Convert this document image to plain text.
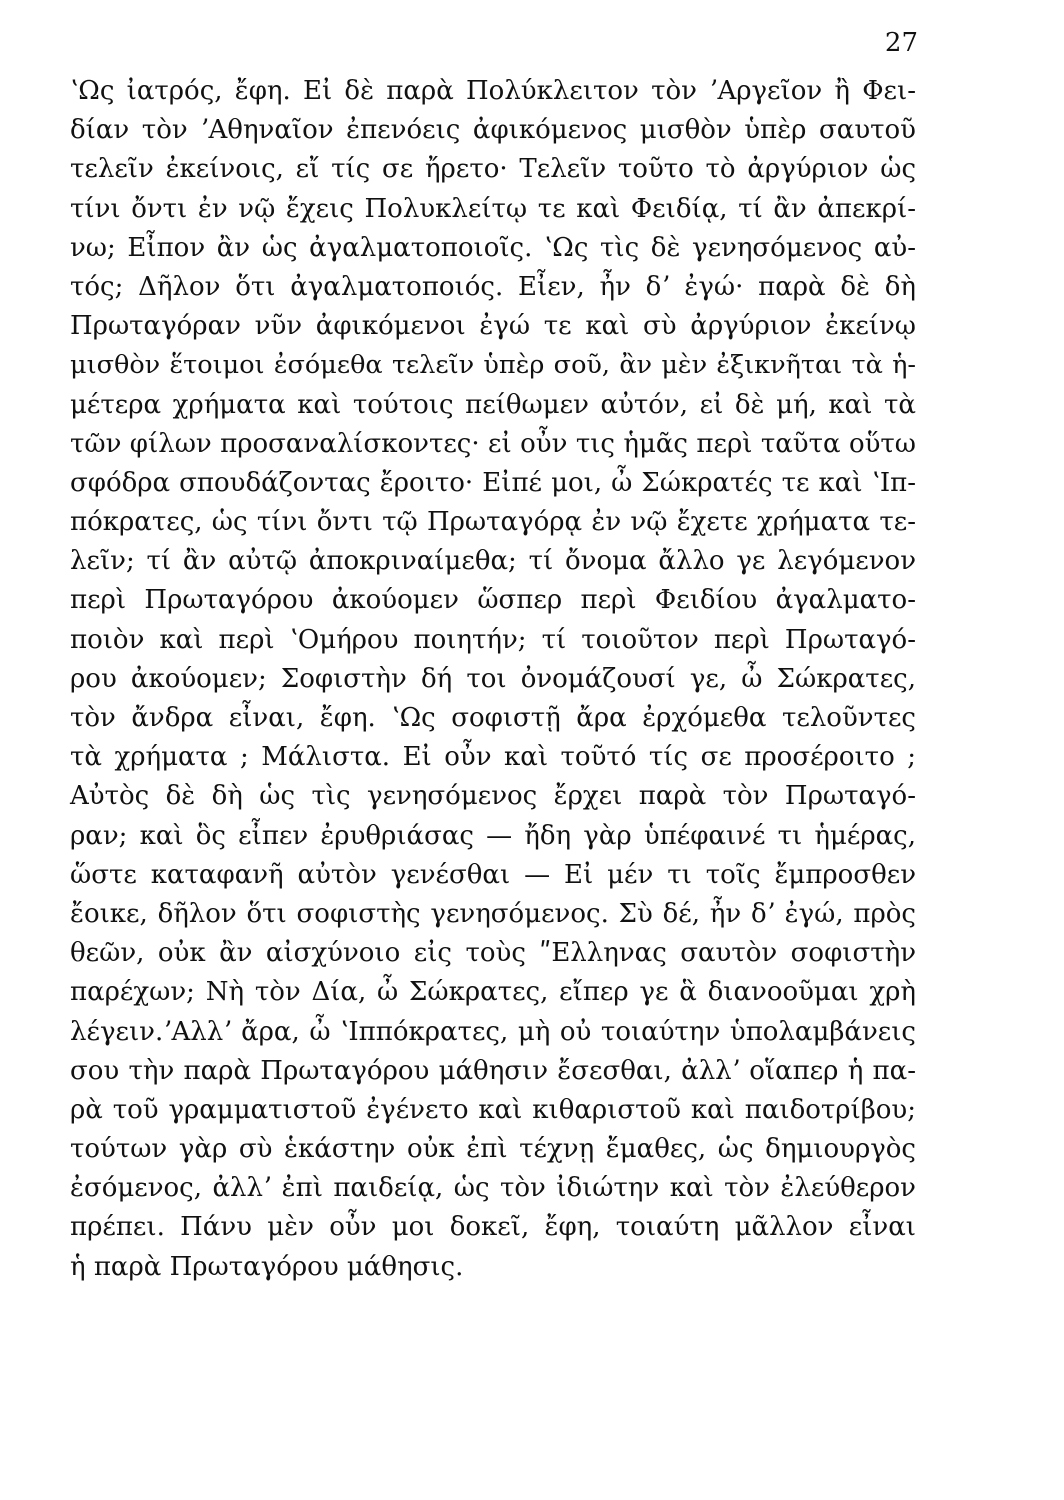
27
ʽΩς ἰατρός, ἔφη. Εἰ δὲ παρὰ Πολύκλειτον τὸν ʼΑργεῖον ἢ Φει-
δίαν τὸν ʼΑθηναῖον ἐπενόεις ἀφικόμενος μισθὸν ὑπὲρ σαυτοῦ
τελεῖν ἐκείνοις, εἴ τίς σε ἤρετο· Τελεῖν τοῦτο τὸ ἀργύριον ὡς
τίνι ὄντι ἐν νῷ ἔχεις Πολυκλείτῳ τε καὶ Φειδίᾳ, τί ἂν ἀπεκρί-
νω; Εἶπον ἂν ὡς ἀγαλματοποιοῖς. ʽΩς τὶς δὲ γενησόμενος αὐ-
τός; Δῆλον ὅτι ἀγαλματοποιός. Εἶεν, ἦν δʼ ἐγώ· παρὰ δὲ δὴ
Πρωταγόραν νῦν ἀφικόμενοι ἐγώ τε καὶ σὺ ἀργύριον ἐκείνῳ
μισθὸν ἕτοιμοι ἐσόμεθα τελεῖν ὑπὲρ σοῦ, ἂν μὲν ἐξικνῆται τὰ ἡ-
μέτερα χρήματα καὶ τούτοις πείθωμεν αὐτόν, εἰ δὲ μή, καὶ τὰ
τῶν φίλων προσαναλίσκοντες· εἰ οὖν τις ἡμᾶς περὶ ταῦτα οὕτω
σφόδρα σπουδάζοντας ἔροιτο· Εἰπέ μοι, ὦ Σώκρατές τε καὶ ʽΙπ-
πόκρατες, ὡς τίνι ὄντι τῷ Πρωταγόρᾳ ἐν νῷ ἔχετε χρήματα τε-
λεῖν; τί ἂν αὐτῷ ἀποκριναίμεθα; τί ὄνομα ἄλλο γε λεγόμενον
περὶ Πρωταγόρου ἀκούομεν ὥσπερ περὶ Φειδίου ἀγαλματο-
ποιὸν καὶ περὶ ʽΟμήρου ποιητήν; τί τοιοῦτον περὶ Πρωταγό-
ρου ἀκούομεν; Σοφιστὴν δή τοι ὀνομάζουσί γε, ὦ Σώκρατες,
τὸν ἄνδρα εἶναι, ἔφη. ʽΩς σοφιστῇ ἄρα ἐρχόμεθα τελοῦντες
τὰ χρήματα ; Μάλιστα. Εἰ οὖν καὶ τοῦτό τίς σε προσέροιτο ;
Αὐτὸς δὲ δὴ ὡς τὶς γενησόμενος ἔρχει παρὰ τὸν Πρωταγό-
ραν; καὶ ὃς εἶπεν ἐρυθριάσας — ἤδη γὰρ ὑπέφαινέ τι ἡμέρας,
ὥστε καταφανῆ αὐτὸν γενέσθαι — Εἰ μέν τι τοῖς ἔμπροσθεν
ἔοικε, δῆλον ὅτι σοφιστὴς γενησόμενος. Σὺ δέ, ἦν δʼ ἐγώ, πρὸς
θεῶν, οὐκ ἂν αἰσχύνοιο εἰς τοὺς ʺΕλληνας σαυτὸν σοφιστὴν
παρέχων; Νὴ τὸν Δία, ὦ Σώκρατες, εἴπερ γε ἃ διανοοῦμαι χρὴ
λέγειν.ʼΑλλʼ ἄρα, ὦ ʽΙππόκρατες, μὴ οὐ τοιαύτην ὑπολαμβάνεις
σου τὴν παρὰ Πρωταγόρου μάθησιν ἔσεσθαι, ἀλλʼ οἵαπερ ἡ πα-
ρὰ τοῦ γραμματιστοῦ ἐγένετο καὶ κιθαριστοῦ καὶ παιδοτρίβου;
τούτων γὰρ σὺ ἑκάστην οὐκ ἐπὶ τέχνῃ ἔμαθες, ὡς δημιουργὸς
ἐσόμενος, ἀλλʼ ἐπὶ παιδείᾳ, ὡς τὸν ἰδιώτην καὶ τὸν ἐλεύθερον
πρέπει. Πάνυ μὲν οὖν μοι δοκεῖ, ἔφη, τοιαύτη μᾶλλον εἶναι
ἡ παρὰ Πρωταγόρου μάθησις.
